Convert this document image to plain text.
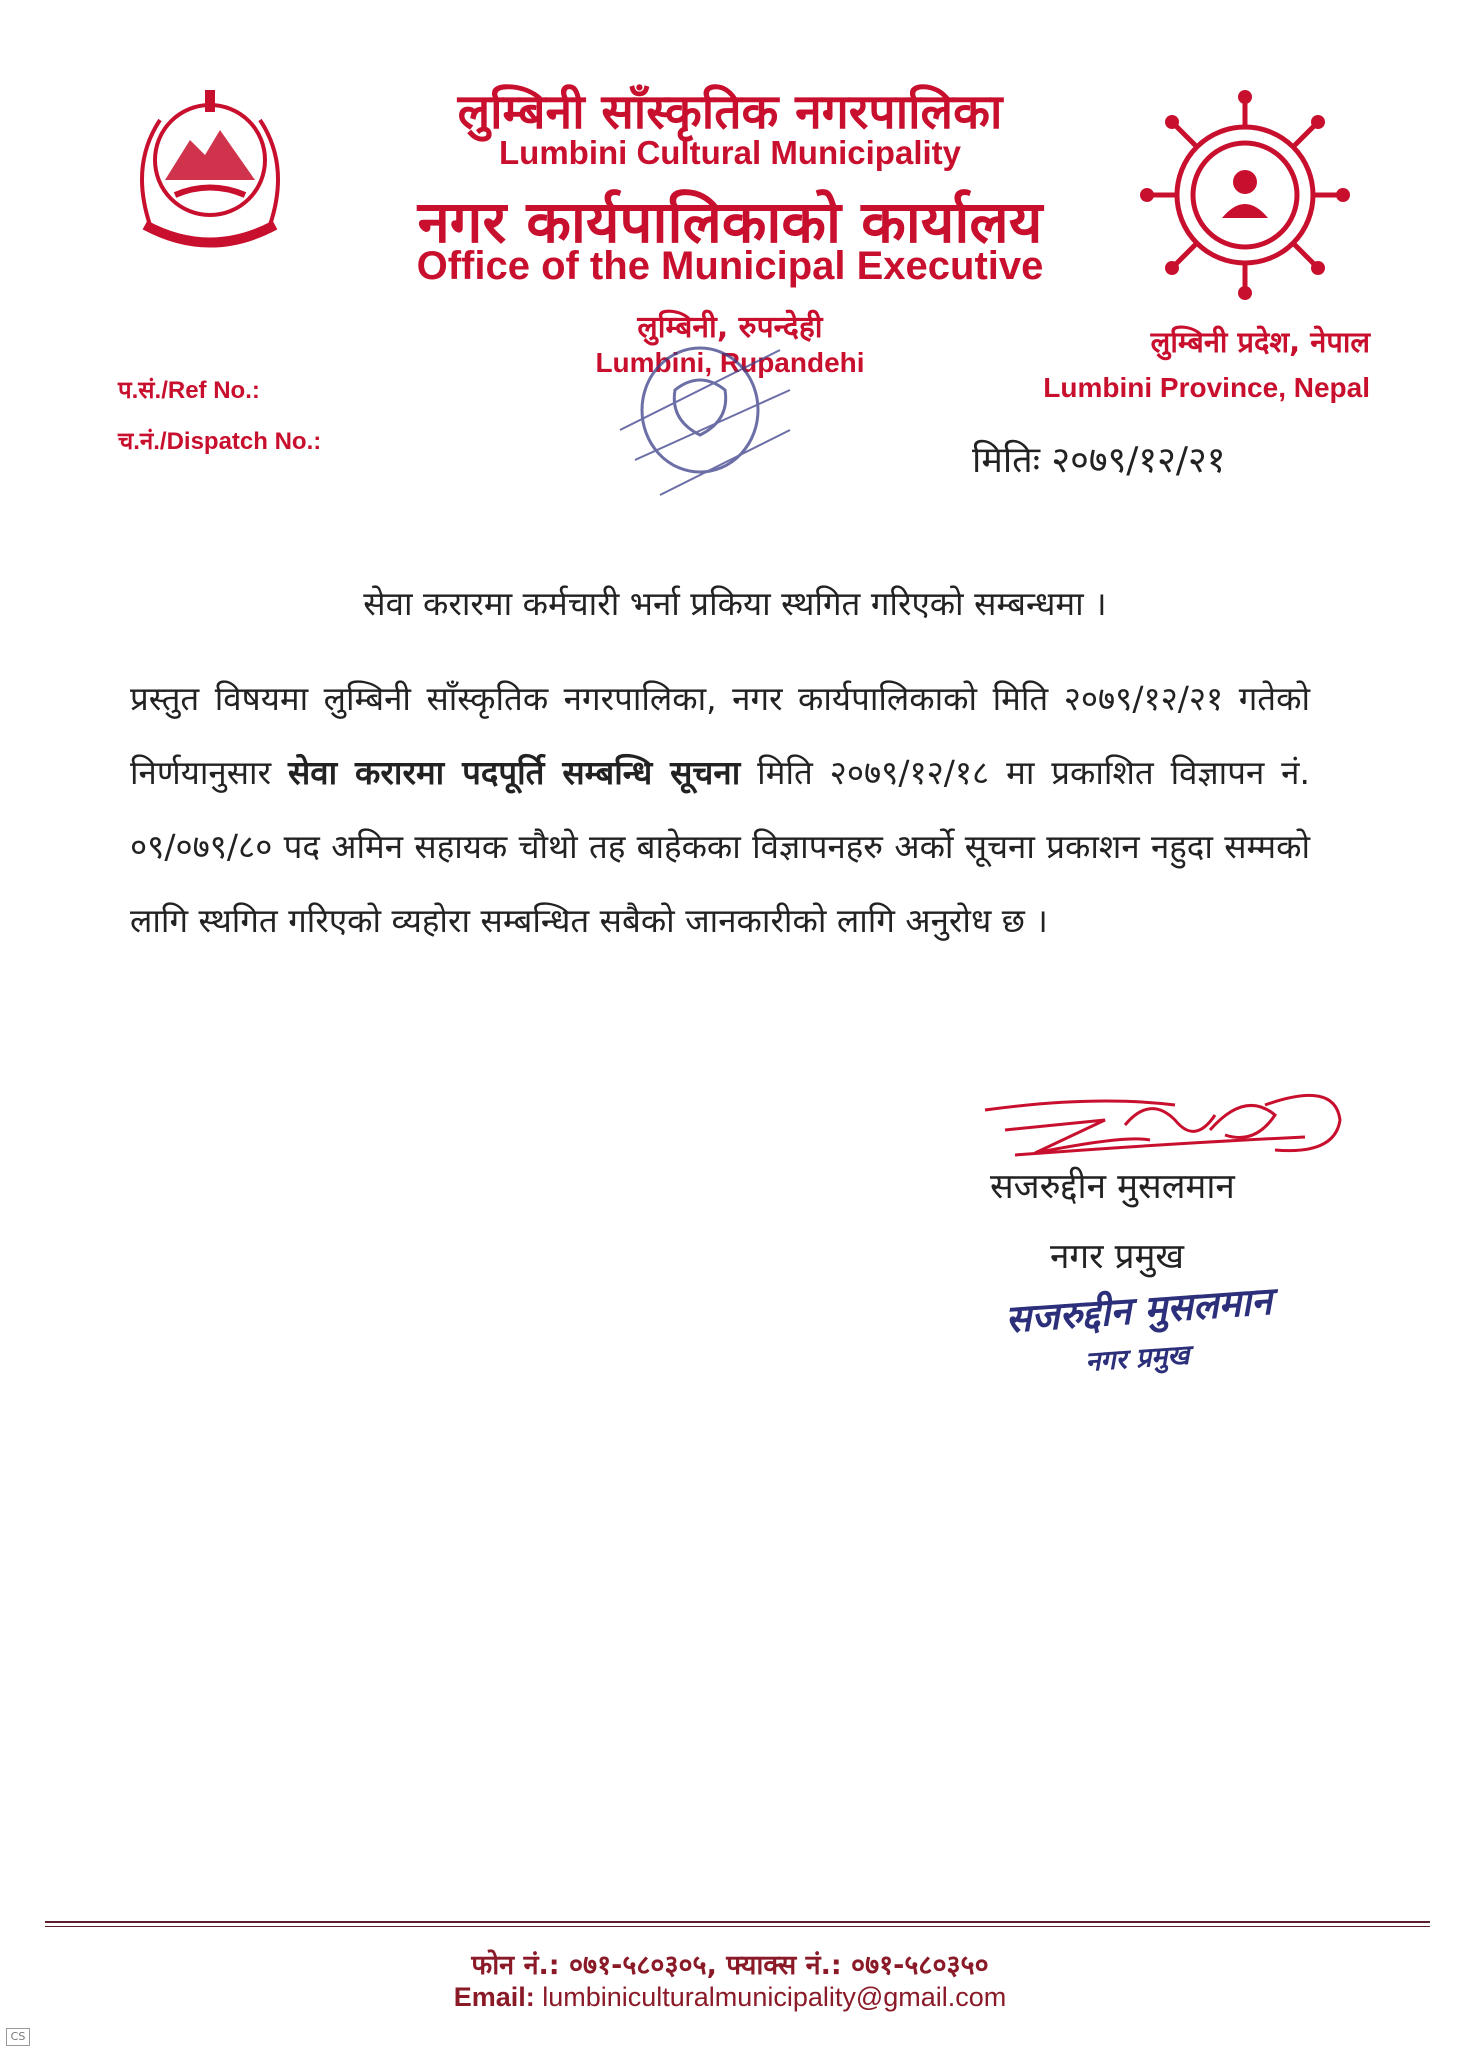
लुम्बिनी साँस्कृतिक नगरपालिका
Lumbini Cultural Municipality
नगर कार्यपालिकाको कार्यालय
Office of the Municipal Executive
लुम्बिनी, रुपन्देही
Lumbini, Rupandehi
लुम्बिनी प्रदेश, नेपाल
Lumbini Province, Nepal
प.सं./Ref No.:
च.नं./Dispatch No.:	मितिः २०७९/१२/२१
सेवा करारमा कर्मचारी भर्ना प्रकिया स्थगित गरिएको सम्बन्धमा ।
प्रस्तुत विषयमा लुम्बिनी साँस्कृतिक नगरपालिका, नगर कार्यपालिकाको मिति २०७९/१२/२१ गतेको निर्णयानुसार सेवा करारमा पदपूर्ति सम्बन्धि सूचना मिति २०७९/१२/१८ मा प्रकाशित विज्ञापन नं. ०९/०७९/८० पद अमिन सहायक चौथो तह बाहेकका विज्ञापनहरु अर्को सूचना प्रकाशन नहुदा सम्मको लागि स्थगित गरिएको व्यहोरा सम्बन्धित सबैको जानकारीको लागि अनुरोध छ ।
सजरुद्दीन मुसलमान
नगर प्रमुख
सजरुद्दीन मुसलमान
नगर प्रमुख
फोन नं.: ०७१-५८०३०५, फ्याक्स नं.: ०७१-५८०३५०
Email: lumbiniculturalmunicipality@gmail.com
CS
